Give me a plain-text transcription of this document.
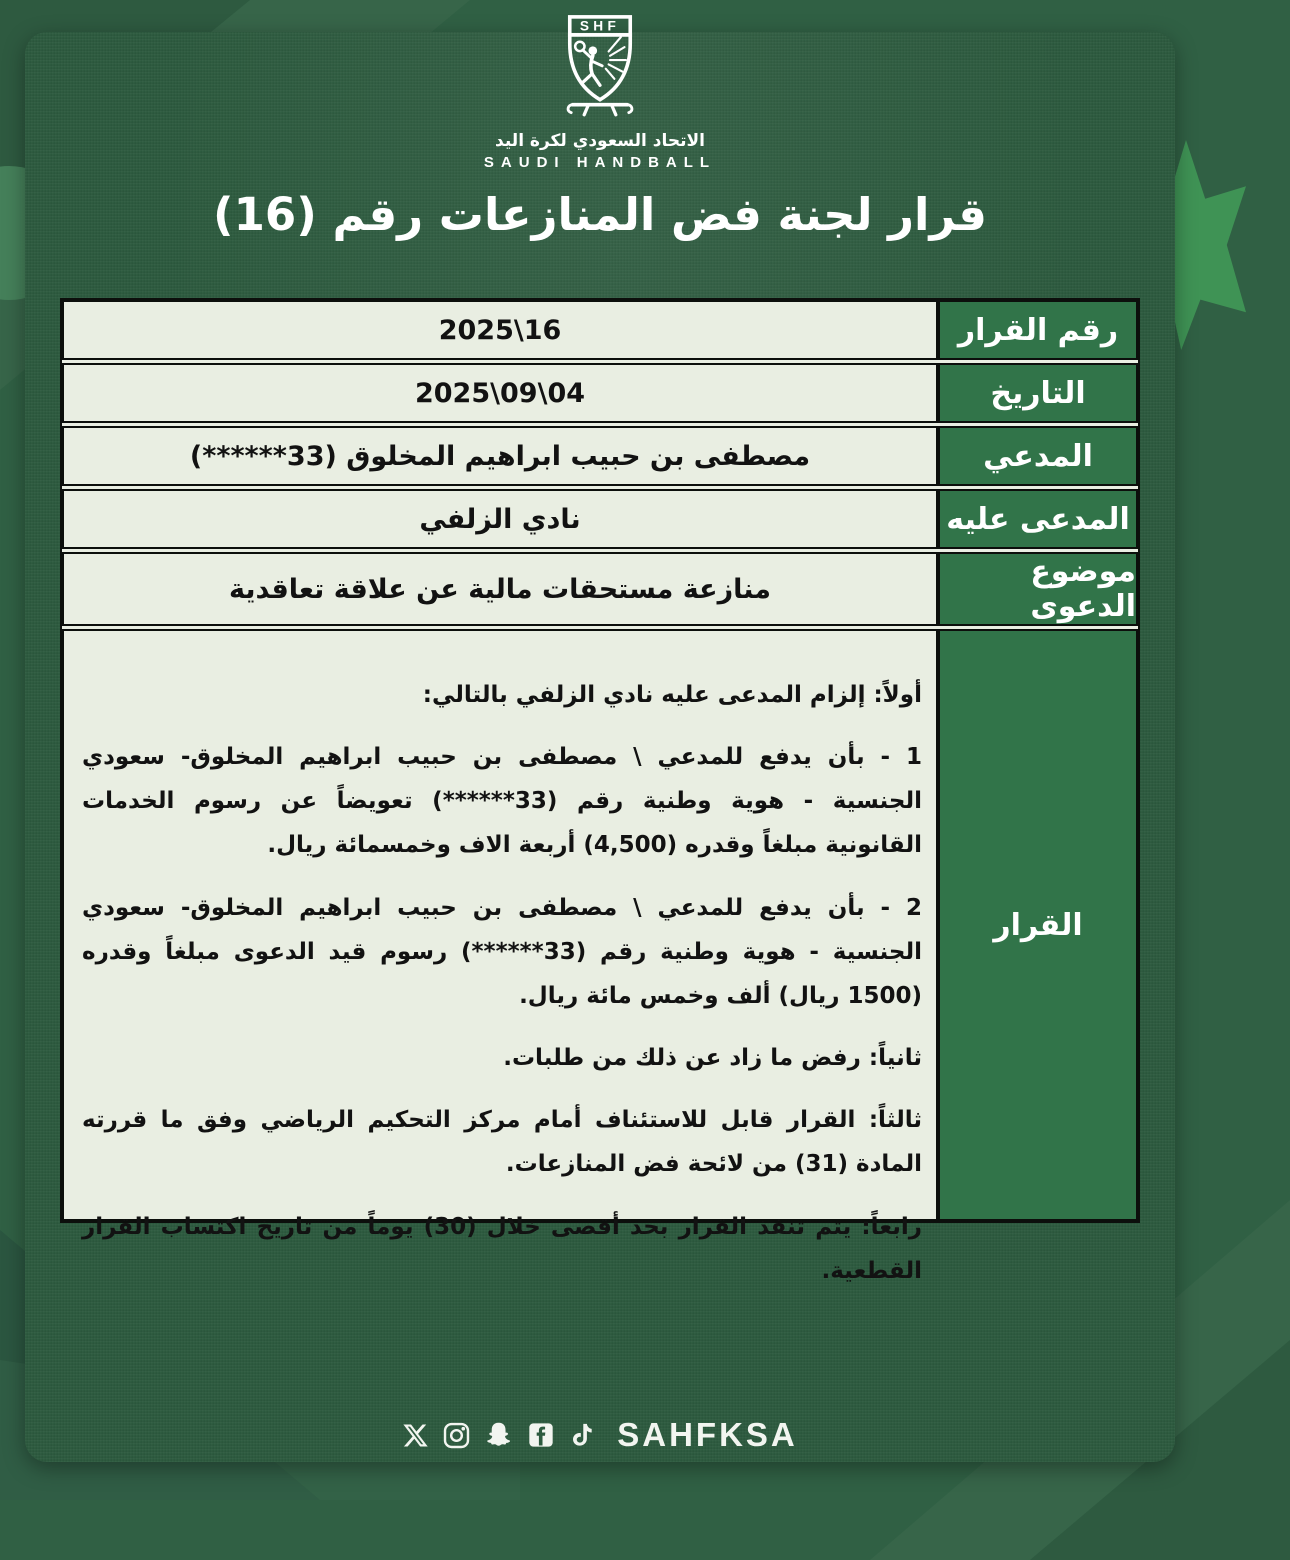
SHF
الاتحاد السعودي لكرة اليد
SAUDI HANDBALL
قرار لجنة فض المنازعات رقم (16)
رقم القرار
16\2025
التاريخ
04\09\2025
المدعي
مصطفى بن حبيب ابراهيم المخلوق (33******)
المدعى عليه
نادي الزلفي
موضوع الدعوى
منازعة مستحقات مالية عن علاقة تعاقدية
القرار

أولاً: إلزام المدعى عليه نادي الزلفي بالتالي:

1 - بأن يدفع للمدعي \ مصطفى بن حبيب ابراهيم المخلوق- سعودي الجنسية - هوية وطنية رقم (33******) تعويضاً عن رسوم الخدمات القانونية مبلغاً وقدره (4,500) أربعة الاف وخمسمائة ريال.

2 - بأن يدفع للمدعي \ مصطفى بن حبيب ابراهيم المخلوق- سعودي الجنسية - هوية وطنية رقم (33******) رسوم قيد الدعوى مبلغاً وقدره (1500 ريال) ألف وخمس مائة ريال.

ثانياً: رفض ما زاد عن ذلك من طلبات.

ثالثاً: القرار قابل للاستئناف أمام مركز التحكيم الرياضي وفق ما قررته المادة (31) من لائحة فض المنازعات.

رابعاً: يتم تنفذ القرار بحد أقصى خلال (30) يوماً من تاريخ اكتساب القرار القطعية.

SAHFKSA
